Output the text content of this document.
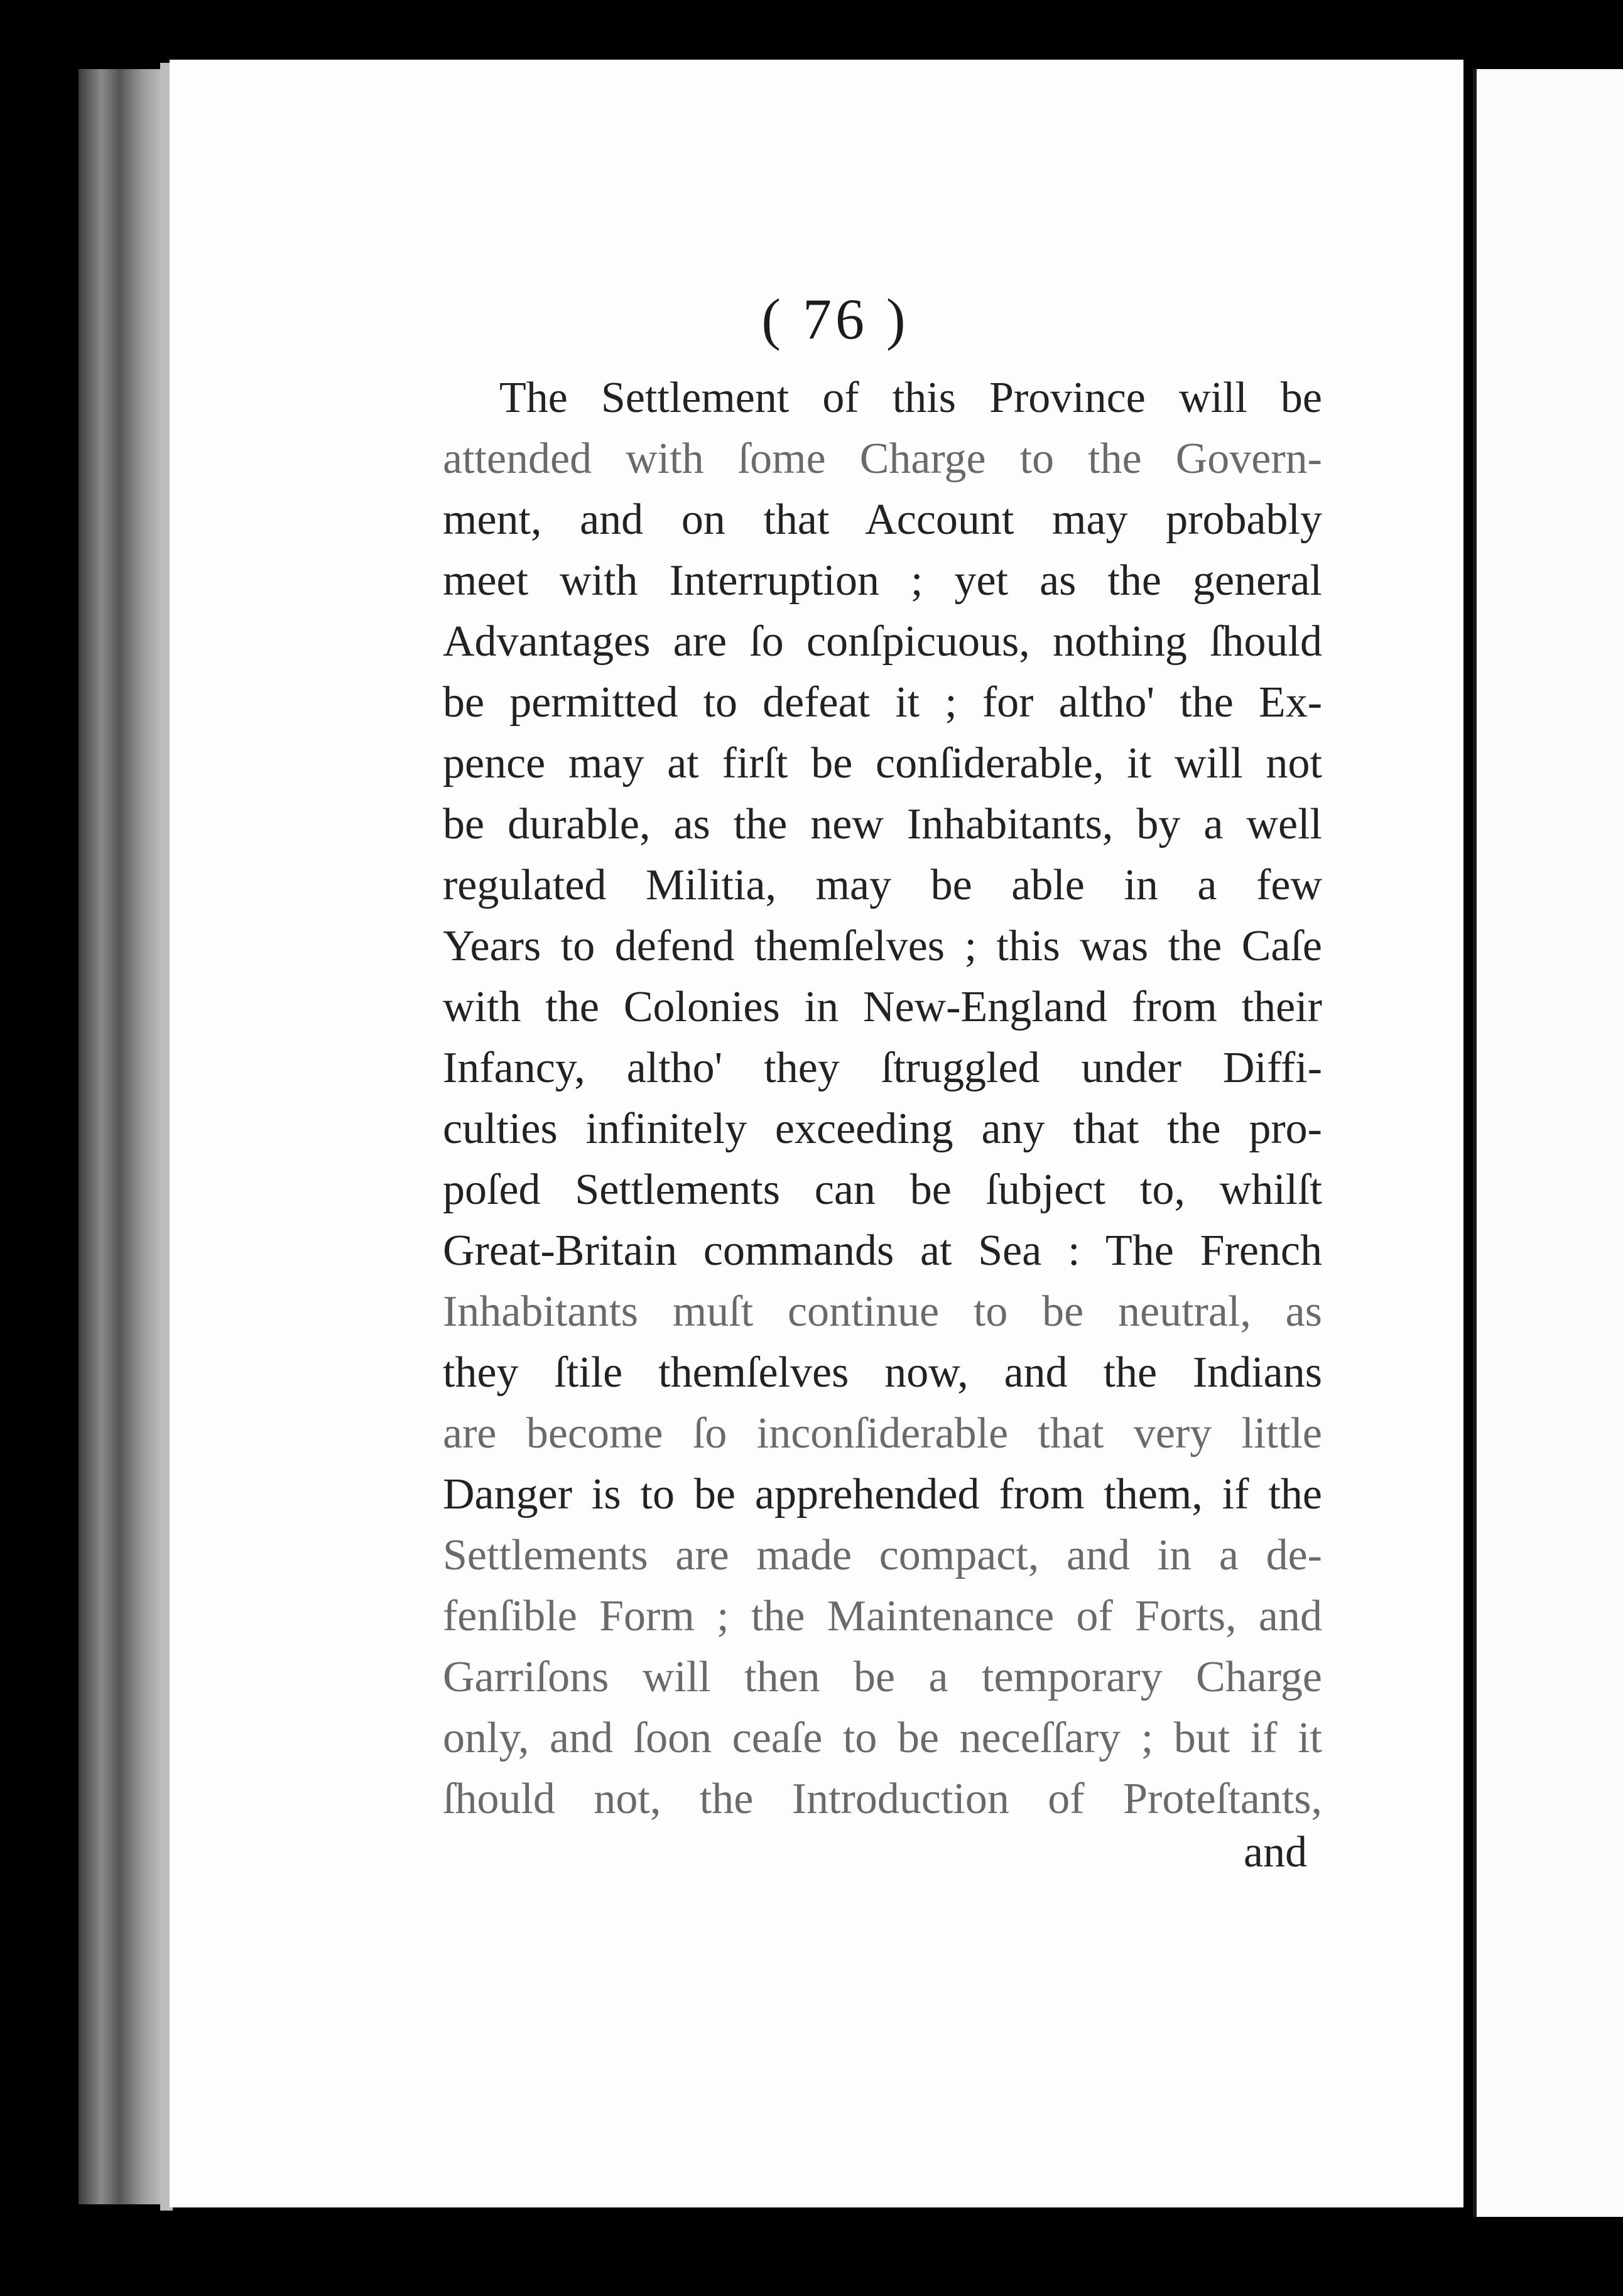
( 76 )
The Settlement of this Province will be
attended with ſome Charge to the Govern-
ment, and on that Account may probably
meet with Interruption ; yet as the general
Advantages are ſo conſpicuous, nothing ſhould
be permitted to defeat it ; for altho' the Ex-
pence may at firſt be conſiderable, it will not
be durable, as the new Inhabitants, by a well
regulated Militia, may be able in a few
Years to defend themſelves ; this was the Caſe
with the Colonies in New-England from their
Infancy, altho' they ſtruggled under Diffi-
culties infinitely exceeding any that the pro-
poſed Settlements can be ſubject to, whilſt
Great-Britain commands at Sea : The French
Inhabitants muſt continue to be neutral, as
they ſtile themſelves now, and the Indians
are become ſo inconſiderable that very little
Danger is to be apprehended from them, if the
Settlements are made compact, and in a de-
fenſible Form ; the Maintenance of Forts, and
Garriſons will then be a temporary Charge
only, and ſoon ceaſe to be neceſſary ; but if it
ſhould not, the Introduction of Proteſtants,
and
